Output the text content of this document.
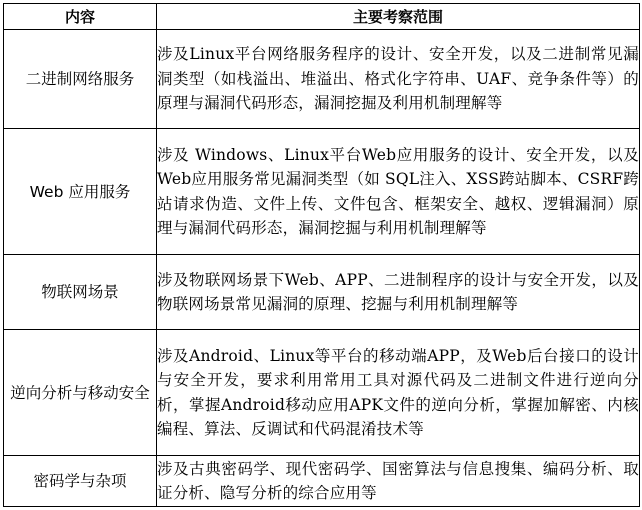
内容	主要考察范围
二进制网络服务	涉及Linux平台网络服务程序的设计、安全开发，以及二进制常见漏洞类型（如栈溢出、堆溢出、格式化字符串、UAF、竞争条件等）的原理与漏洞代码形态，漏洞挖掘及利用机制理解等
Web 应用服务	涉及 Windows、Linux平台Web应用服务的设计、安全开发，以及Web应用服务常见漏洞类型（如 SQL注入、XSS跨站脚本、CSRF跨站请求伪造、文件上传、文件包含、框架安全、越权、逻辑漏洞）原理与漏洞代码形态，漏洞挖掘与利用机制理解等
物联网场景	涉及物联网场景下Web、APP、二进制程序的设计与安全开发，以及物联网场景常见漏洞的原理、挖掘与利用机制理解等
逆向分析与移动安全	涉及Android、Linux等平台的移动端APP，及Web后台接口的设计与安全开发，要求利用常用工具对源代码及二进制文件进行逆向分析，掌握Android移动应用APK文件的逆向分析，掌握加解密、内核编程、算法、反调试和代码混淆技术等
密码学与杂项	涉及古典密码学、现代密码学、国密算法与信息搜集、编码分析、取证分析、隐写分析的综合应用等
